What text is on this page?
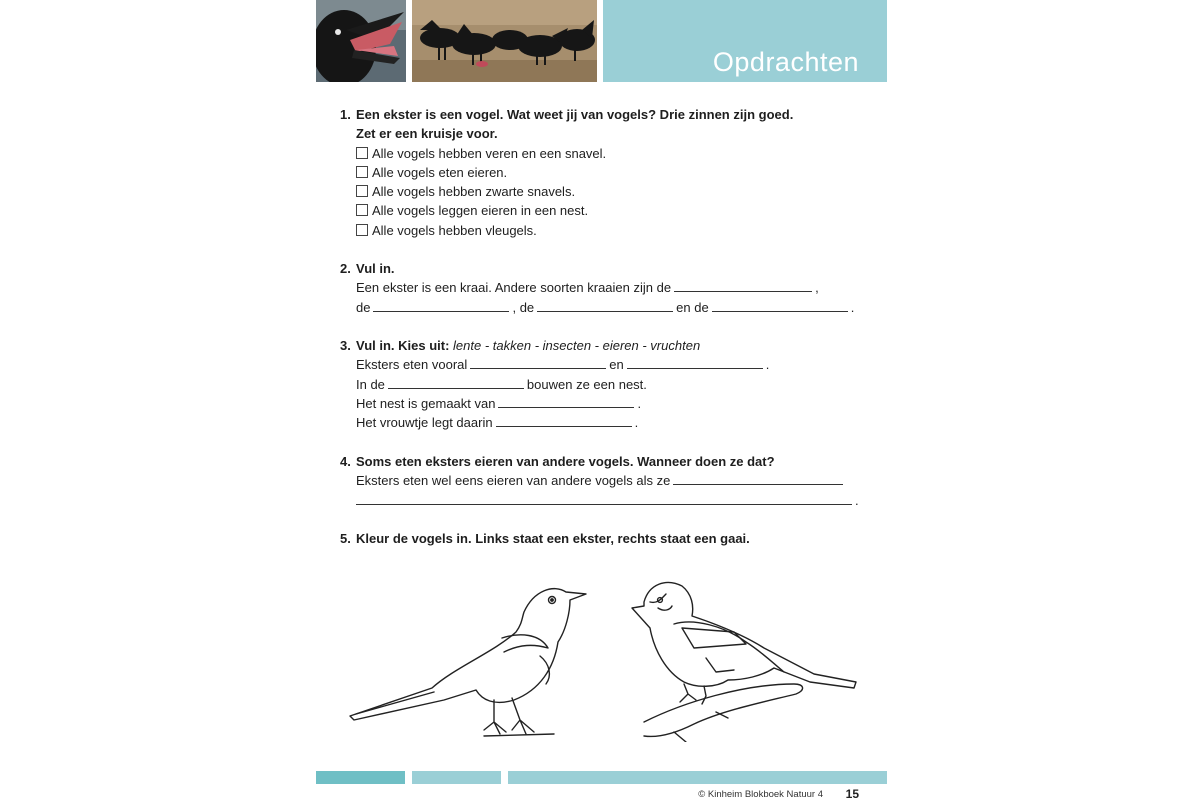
Opdrachten
1. Een ekster is een vogel. Wat weet jij van vogels? Drie zinnen zijn goed.
Zet er een kruisje voor.
Alle vogels hebben veren en een snavel.
Alle vogels eten eieren.
Alle vogels hebben zwarte snavels.
Alle vogels leggen eieren in een nest.
Alle vogels hebben vleugels.
2. Vul in.
Een ekster is een kraai. Andere soorten kraaien zijn de	,
de	, de	en de	.
3. Vul in. Kies uit: lente - takken - insecten - eieren - vruchten
Eksters eten vooral	en	.
In de	bouwen ze een nest.
Het nest is gemaakt van	.
Het vrouwtje legt daarin	.
4. Soms eten eksters eieren van andere vogels. Wanneer doen ze dat?
Eksters eten wel eens eieren van andere vogels als ze
.
5. Kleur de vogels in. Links staat een ekster, rechts staat een gaai.
© Kinheim Blokboek Natuur 4 15
